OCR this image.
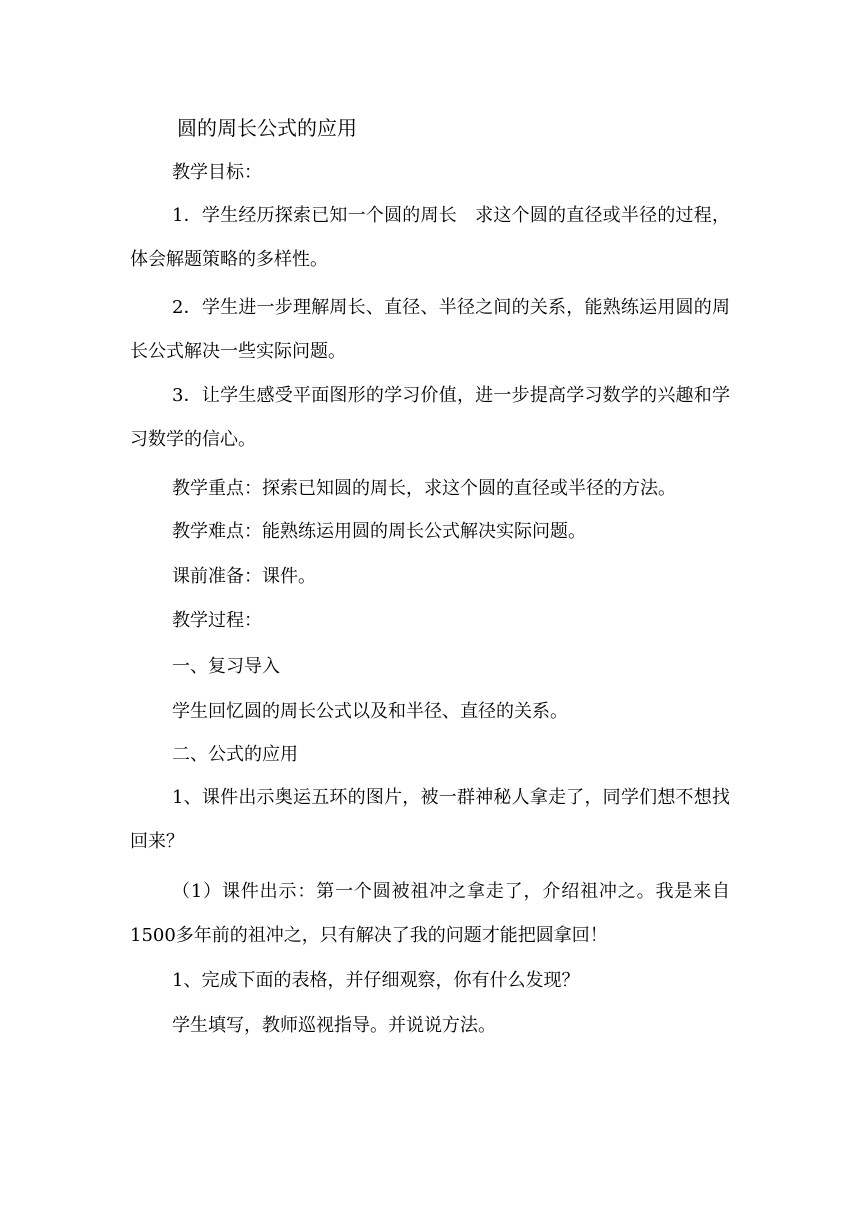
圆的周长公式的应用
教学目标：

1．学生经历探索已知一个圆的周长　求这个圆的直径或半径的过程，体会解题策略的多样性。

2．学生进一步理解周长、直径、半径之间的关系，能熟练运用圆的周长公式解决一些实际问题。

3．让学生感受平面图形的学习价值，进一步提高学习数学的兴趣和学习数学的信心。

教学重点：探索已知圆的周长，求这个圆的直径或半径的方法。
教学难点：能熟练运用圆的周长公式解决实际问题。
课前准备：课件。
教学过程：
一、复习导入
学生回忆圆的周长公式以及和半径、直径的关系。
二、公式的应用

1、课件出示奥运五环的图片，被一群神秘人拿走了，同学们想不想找回来？

（1）课件出示：第一个圆被祖冲之拿走了，介绍祖冲之。我是来自1500多年前的祖冲之，只有解决了我的问题才能把圆拿回！

1、完成下面的表格，并仔细观察，你有什么发现？
学生填写，教师巡视指导。并说说方法。
